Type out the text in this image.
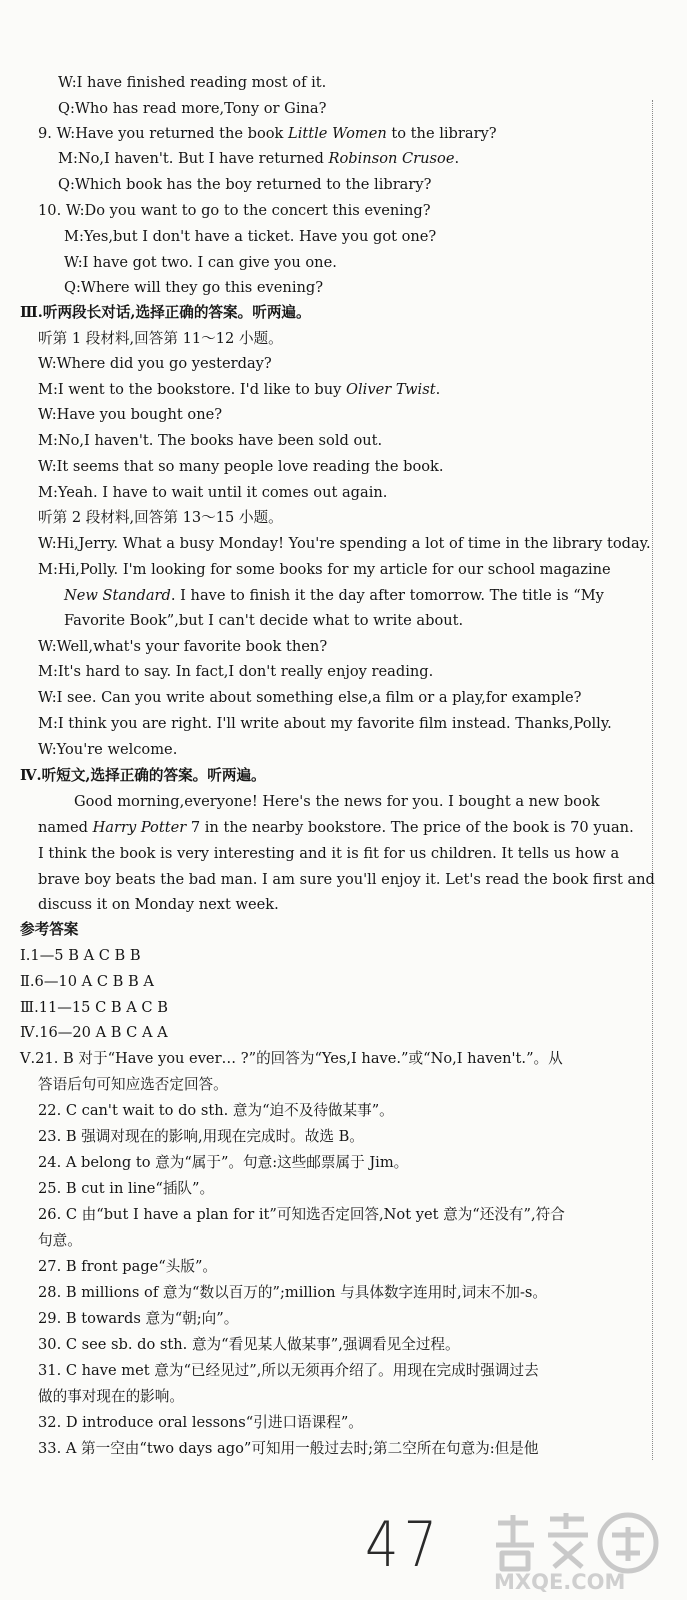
W:I have finished reading most of it.
Q:Who has read more,Tony or Gina?
9. W:Have you returned the book Little Women to the library?
M:No,I haven't. But I have returned Robinson Crusoe.
Q:Which book has the boy returned to the library?
10. W:Do you want to go to the concert this evening?
M:Yes,but I don't have a ticket. Have you got one?
W:I have got two. I can give you one.
Q:Where will they go this evening?
Ⅲ.听两段长对话,选择正确的答案。听两遍。
听第 1 段材料,回答第 11～12 小题。
W:Where did you go yesterday?
M:I went to the bookstore. I'd like to buy Oliver Twist.
W:Have you bought one?
M:No,I haven't. The books have been sold out.
W:It seems that so many people love reading the book.
M:Yeah. I have to wait until it comes out again.
听第 2 段材料,回答第 13～15 小题。
W:Hi,Jerry. What a busy Monday! You're spending a lot of time in the library today.
M:Hi,Polly. I'm looking for some books for my article for our school magazine
New Standard. I have to finish it the day after tomorrow. The title is “My
Favorite Book”,but I can't decide what to write about.
W:Well,what's your favorite book then?
M:It's hard to say. In fact,I don't really enjoy reading.
W:I see. Can you write about something else,a film or a play,for example?
M:I think you are right. I'll write about my favorite film instead. Thanks,Polly.
W:You're welcome.
Ⅳ.听短文,选择正确的答案。听两遍。
Good morning,everyone! Here's the news for you. I bought a new book
named Harry Potter 7 in the nearby bookstore. The price of the book is 70 yuan.
I think the book is very interesting and it is fit for us children. It tells us how a
brave boy beats the bad man. I am sure you'll enjoy it. Let's read the book first and
discuss it on Monday next week.
参考答案
Ⅰ.1—5 B A C B B
Ⅱ.6—10 A C B B A
Ⅲ.11—15 C B A C B
Ⅳ.16—20 A B C A A
Ⅴ.21. B 对于“Have you ever… ?”的回答为“Yes,I have.”或“No,I haven't.”。从
答语后句可知应选否定回答。
22. C can't wait to do sth. 意为“迫不及待做某事”。
23. B 强调对现在的影响,用现在完成时。故选 B。
24. A belong to 意为“属于”。句意:这些邮票属于 Jim。
25. B cut in line“插队”。
26. C 由“but I have a plan for it”可知选否定回答,Not yet 意为“还没有”,符合
句意。
27. B front page“头版”。
28. B millions of 意为“数以百万的”;million 与具体数字连用时,词末不加-s。
29. B towards 意为“朝;向”。
30. C see sb. do sth. 意为“看见某人做某事”,强调看见全过程。
31. C have met 意为“已经见过”,所以无须再介绍了。用现在完成时强调过去
做的事对现在的影响。
32. D introduce oral lessons“引进口语课程”。
33. A 第一空由“two days ago”可知用一般过去时;第二空所在句意为:但是他
47
MXQE.COM
